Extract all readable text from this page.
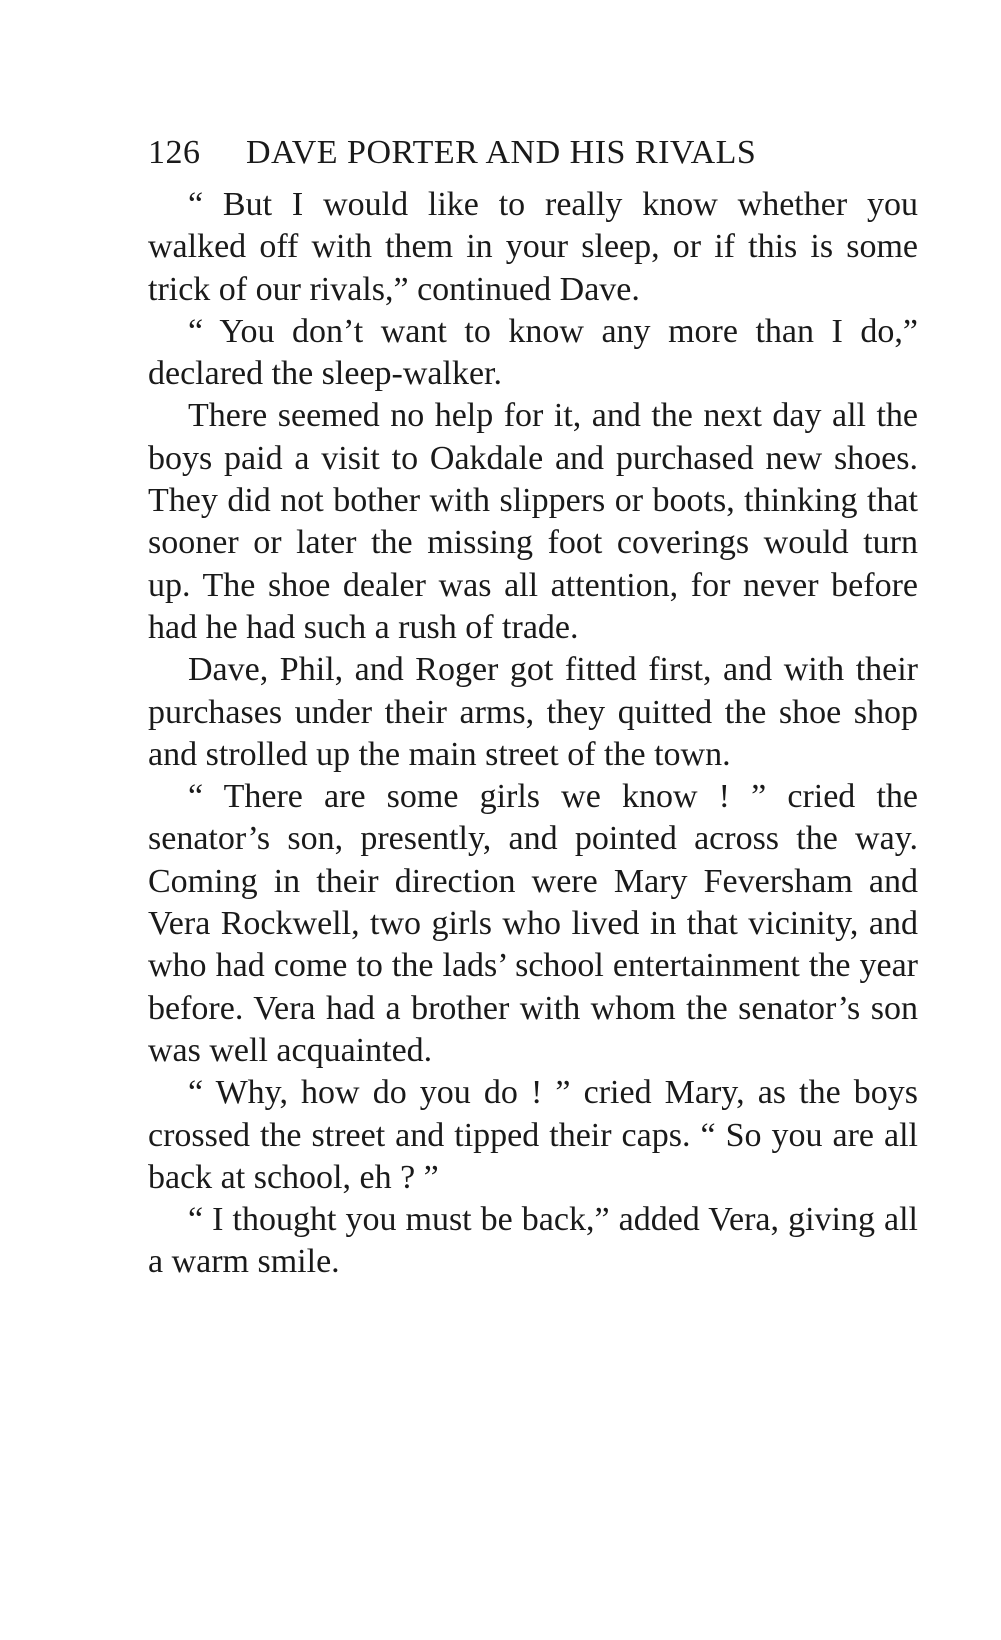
126	DAVE PORTER AND HIS RIVALS

“ But I would like to really know whether you walked off with them in your sleep, or if this is some trick of our rivals,” continued Dave.

“ You don’t want to know any more than I do,” declared the sleep-walker.

There seemed no help for it, and the next day all the boys paid a visit to Oakdale and purchased new shoes. They did not bother with slippers or boots, thinking that sooner or later the missing foot coverings would turn up. The shoe dealer was all attention, for never before had he had such a rush of trade.

Dave, Phil, and Roger got fitted first, and with their purchases under their arms, they quitted the shoe shop and strolled up the main street of the town.

“ There are some girls we know ! ” cried the senator’s son, presently, and pointed across the way. Coming in their direction were Mary Feversham and Vera Rockwell, two girls who lived in that vicinity, and who had come to the lads’ school entertainment the year before. Vera had a brother with whom the senator’s son was well acquainted.

“ Why, how do you do ! ” cried Mary, as the boys crossed the street and tipped their caps. “ So you are all back at school, eh ? ”

“ I thought you must be back,” added Vera, giving all a warm smile.
